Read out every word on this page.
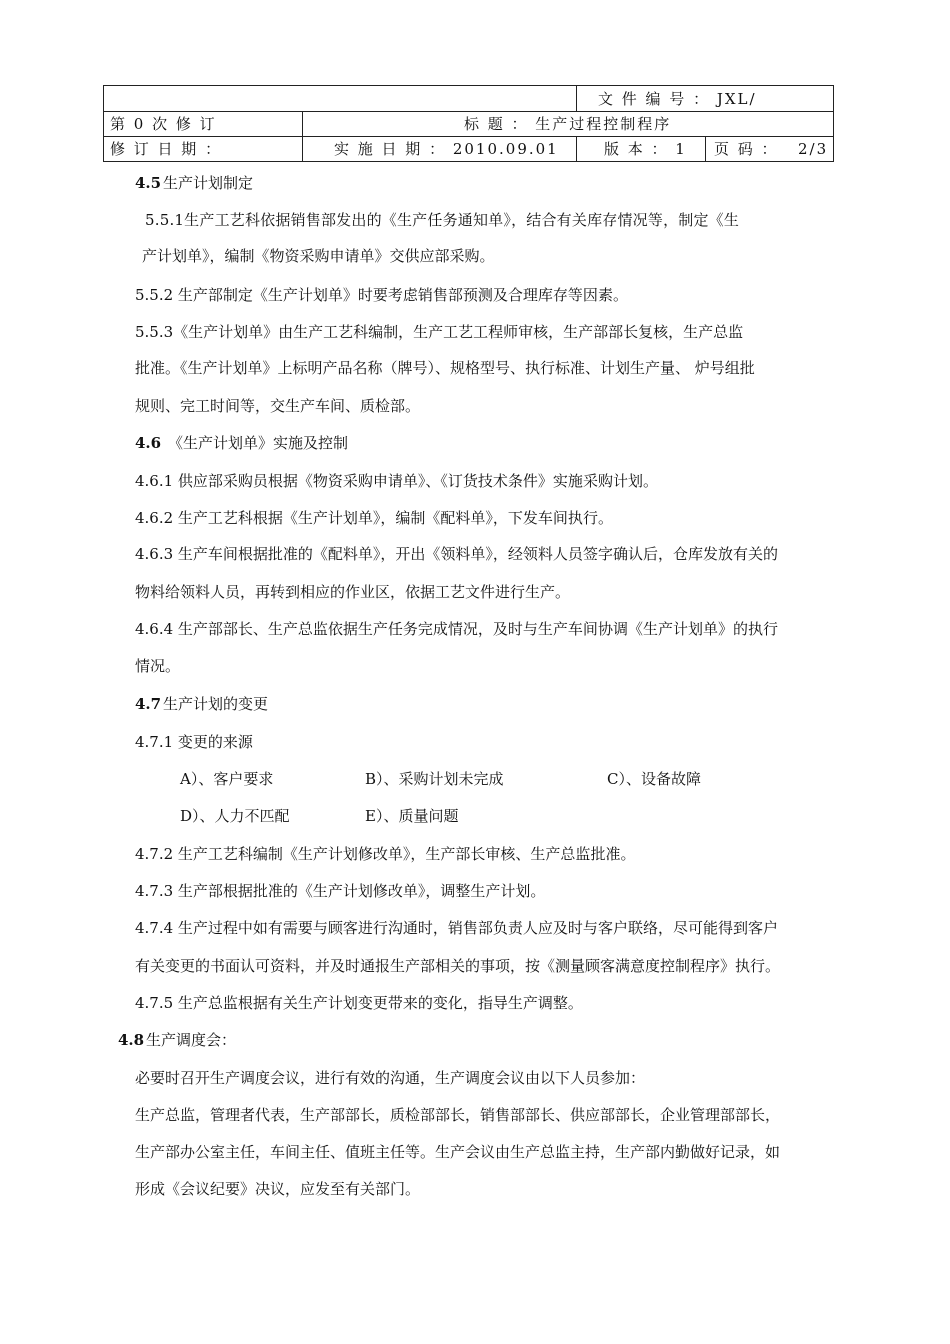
文 件 编 号 ： JXL/
第 0 次 修 订	标 题 ： 生产过程控制程序
修 订 日 期 ：	实 施 日 期 ： 2010.09.01	版 本 ： 1 页 码 ： 2/3
4.5 生产计划制定
5.5.1生产工艺科依据销售部发出的《生产任务通知单》，结合有关库存情况等，制定《生
产计划单》，编制《物资采购申请单》交供应部采购。
5.5.2 生产部制定《生产计划单》时要考虑销售部预测及合理库存等因素。
5.5.3《生产计划单》由生产工艺科编制，生产工艺工程师审核，生产部部长复核，生产总监
批准。《生产计划单》上标明产品名称（牌号）、规格型号、执行标准、计划生产量、 炉号组批
规则、完工时间等，交生产车间、质检部。
4.6 《生产计划单》实施及控制
4.6.1 供应部采购员根据《物资采购申请单》、《订货技术条件》实施采购计划。
4.6.2 生产工艺科根据《生产计划单》，编制《配料单》，下发车间执行。
4.6.3 生产车间根据批准的《配料单》，开出《领料单》，经领料人员签字确认后，仓库发放有关的
物料给领料人员，再转到相应的作业区，依据工艺文件进行生产。
4.6.4 生产部部长、生产总监依据生产任务完成情况，及时与生产车间协调《生产计划单》的执行
情况。
4.7 生产计划的变更
4.7.1 变更的来源
A）、客户要求	B）、采购计划未完成	C）、设备故障
D）、人力不匹配	E）、质量问题
4.7.2 生产工艺科编制《生产计划修改单》，生产部长审核、生产总监批准。
4.7.3 生产部根据批准的《生产计划修改单》，调整生产计划。
4.7.4 生产过程中如有需要与顾客进行沟通时，销售部负责人应及时与客户联络，尽可能得到客户
有关变更的书面认可资料，并及时通报生产部相关的事项，按《测量顾客满意度控制程序》执行。
4.7.5 生产总监根据有关生产计划变更带来的变化，指导生产调整。
4.8 生产调度会：
必要时召开生产调度会议，进行有效的沟通，生产调度会议由以下人员参加：
生产总监，管理者代表，生产部部长，质检部部长，销售部部长、供应部部长，企业管理部部长，
生产部办公室主任，车间主任、值班主任等。生产会议由生产总监主持，生产部内勤做好记录，如
形成《会议纪要》决议，应发至有关部门。
